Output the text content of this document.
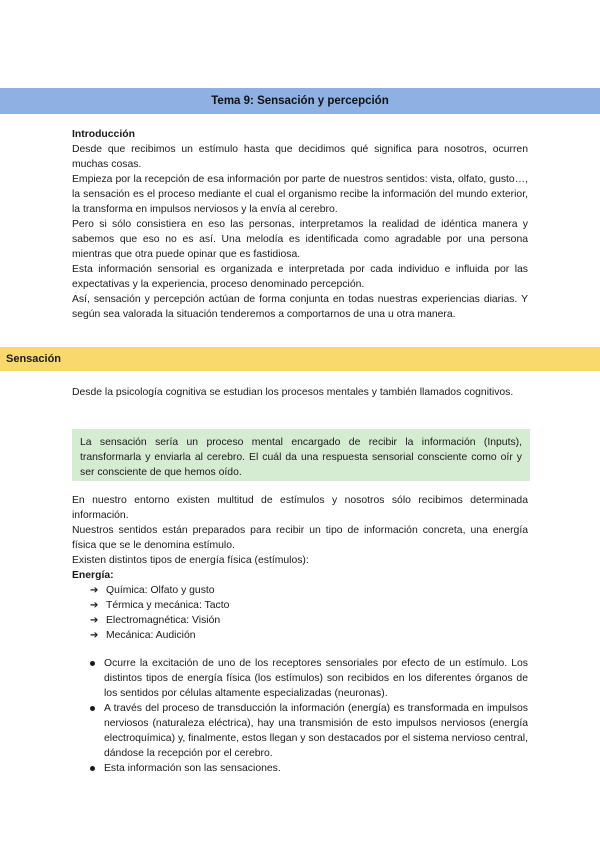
Tema 9: Sensación y percepción
Introducción

Desde que recibimos un estímulo hasta que decidimos qué significa para nosotros, ocurren muchas cosas.

Empieza por la recepción de esa información por parte de nuestros sentidos: vista, olfato, gusto…, la sensación es el proceso mediante el cual el organismo recibe la información del mundo exterior, la transforma en impulsos nerviosos y la envía al cerebro.

Pero si sólo consistiera en eso las personas, interpretamos la realidad de idéntica manera y sabemos que eso no es así. Una melodía es identificada como agradable por una persona mientras que otra puede opinar que es fastidiosa.

Esta información sensorial es organizada e interpretada por cada individuo e influida por las expectativas y la experiencia, proceso denominado percepción.

Así, sensación y percepción actúan de forma conjunta en todas nuestras experiencias diarias. Y según sea valorada la situación tenderemos a comportarnos de una u otra manera.

Sensación
Desde la psicología cognitiva se estudian los procesos mentales y también llamados cognitivos.
La sensación sería un proceso mental encargado de recibir la información (Inputs), transformarla y enviarla al cerebro. El cuál da una respuesta sensorial consciente como oír y ser consciente de que hemos oído.

En nuestro entorno existen multitud de estímulos y nosotros sólo recibimos determinada información.

Nuestros sentidos están preparados para recibir un tipo de información concreta, una energía física que se le denomina estímulo.

Existen distintos tipos de energía física (estímulos):

Energía:
➔ Química: Olfato y gusto
➔ Térmica y mecánica: Tacto
➔ Electromagnética: Visión
➔ Mecánica: Audición
Ocurre la excitación de uno de los receptores sensoriales por efecto de un estímulo. Los distintos tipos de energía física (los estímulos) son recibidos en los diferentes órganos de los sentidos por células altamente especializadas (neuronas).
A través del proceso de transducción la información (energía) es transformada en impulsos nerviosos (naturaleza eléctrica), hay una transmisión de esto impulsos nerviosos (energía electroquímica) y, finalmente, estos llegan y son destacados por el sistema nervioso central, dándose la recepción por el cerebro.
Esta información son las sensaciones.
